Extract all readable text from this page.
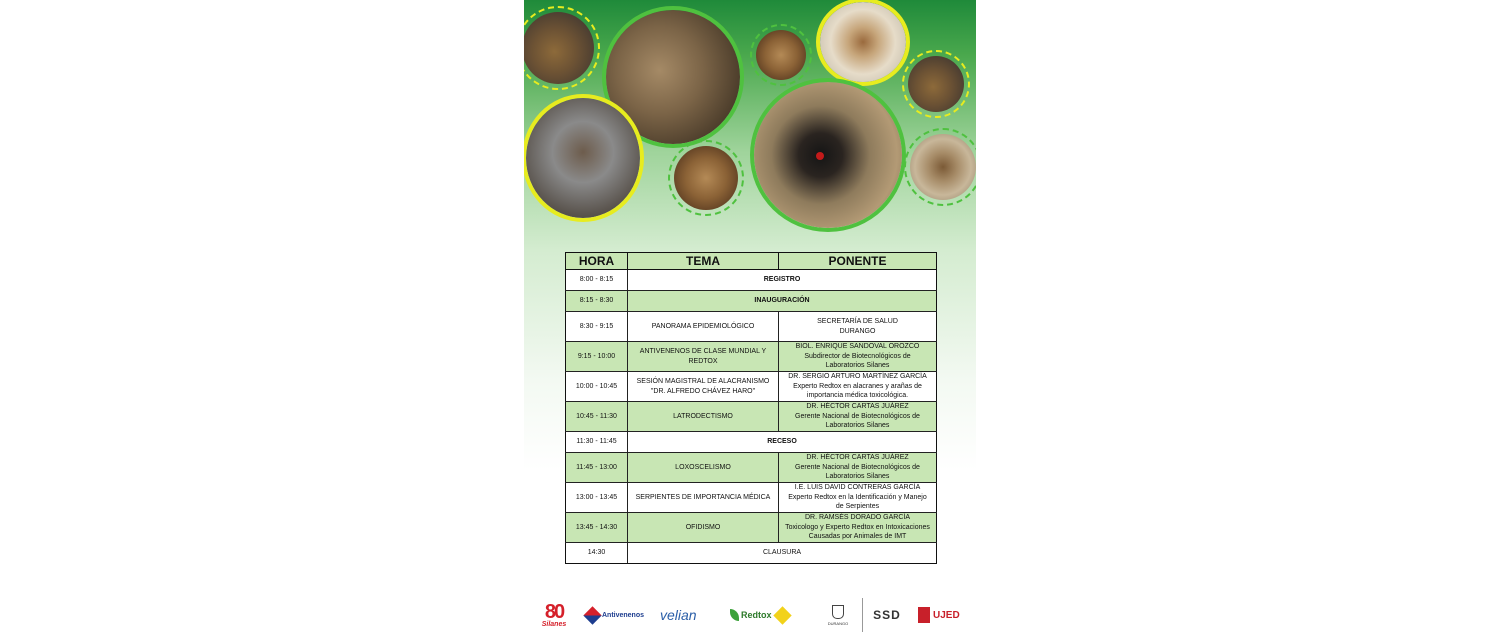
HORA	TEMA	PONENTE
8:00 - 8:15	REGISTRO	
8:15 - 8:30	INAUGURACIÓN	
8:30 - 9:15	PANORAMA EPIDEMIOLÓGICO	SECRETARÍA DE SALUD
DURANGO

9:15 - 10:00	ANTIVENENOS DE CLASE MUNDIAL Y REDTOX	BIOL. ENRIQUE SANDOVAL OROZCO
Subdirector de Biotecnológicos de
Laboratorios Silanes

10:00 - 10:45	SESIÓN MAGISTRAL DE ALACRANISMO "DR. ALFREDO CHÁVEZ HARO"	DR. SERGIO ARTURO MARTÍNEZ GARCÍA
Experto Redtox en alacranes y arañas de
importancia médica toxicológica.

10:45 - 11:30	LATRODECTISMO	DR. HÉCTOR CARTAS JUÁREZ
Gerente Nacional de Biotecnológicos de
Laboratorios Silanes

11:30 - 11:45	RECESO	
11:45 - 13:00	LOXOSCELISMO	DR. HÉCTOR CARTAS JUÁREZ
Gerente Nacional de Biotecnológicos de
Laboratorios Silanes

13:00 - 13:45	SERPIENTES DE IMPORTANCIA MÉDICA	I.E. LUIS DAVID CONTRERAS GARCÍA
Experto Redtox en la Identificación y Manejo
de Serpientes

13:45 - 14:30	OFIDISMO	DR. RAMSÉS DORADO GARCÍA
Toxicologo y Experto Redtox en Intoxicaciones
Causadas por Animales de IMT

14:30	CLAUSURA	
80
Silanes
Antivenenos velian	Redtox
DURANGO
SSD	UJED
